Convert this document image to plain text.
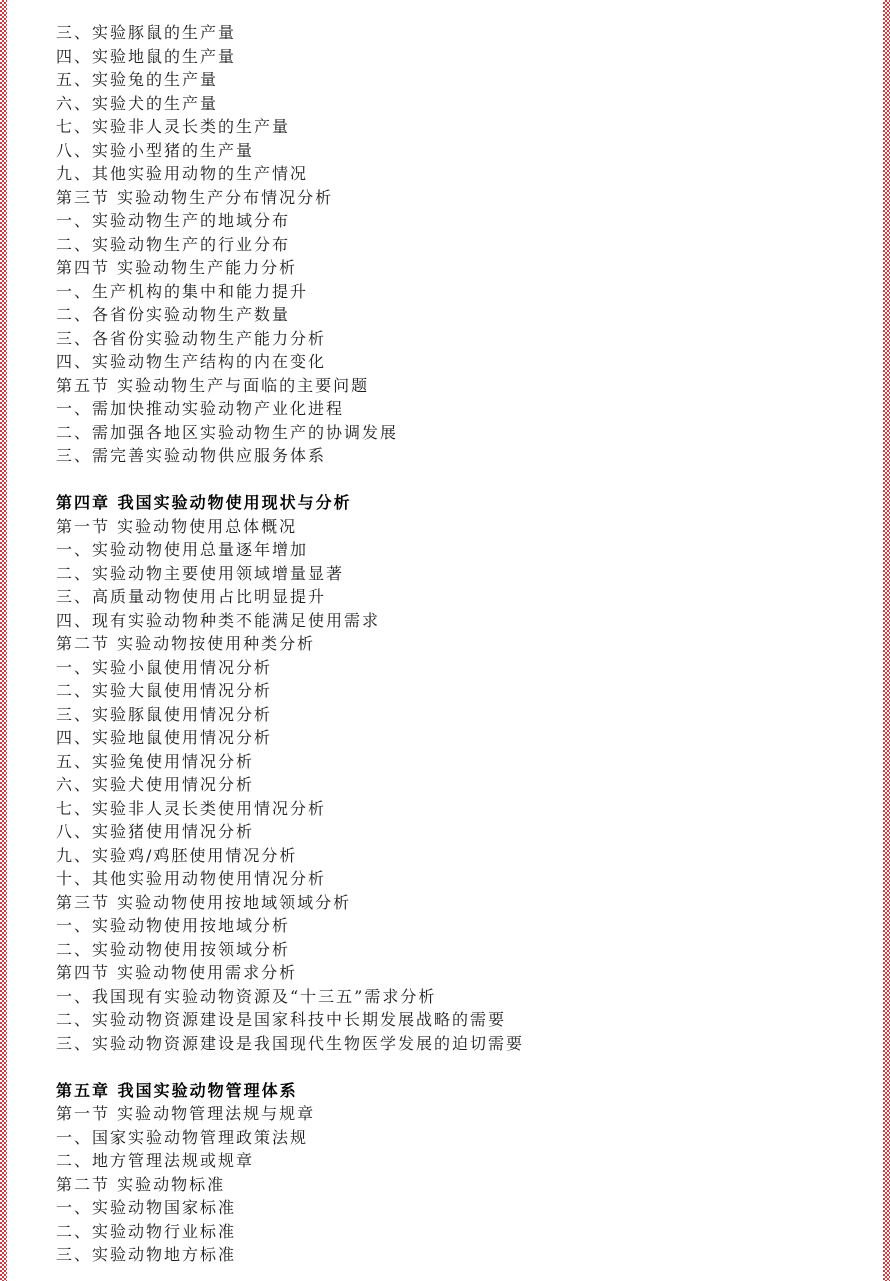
三、实验豚鼠的生产量
四、实验地鼠的生产量
五、实验兔的生产量
六、实验犬的生产量
七、实验非人灵长类的生产量
八、实验小型猪的生产量
九、其他实验用动物的生产情况
第三节 实验动物生产分布情况分析
一、实验动物生产的地域分布
二、实验动物生产的行业分布
第四节 实验动物生产能力分析
一、生产机构的集中和能力提升
二、各省份实验动物生产数量
三、各省份实验动物生产能力分析
四、实验动物生产结构的内在变化
第五节 实验动物生产与面临的主要问题
一、需加快推动实验动物产业化进程
二、需加强各地区实验动物生产的协调发展
三、需完善实验动物供应服务体系
第四章 我国实验动物使用现状与分析
第一节 实验动物使用总体概况
一、实验动物使用总量逐年增加
二、实验动物主要使用领域增量显著
三、高质量动物使用占比明显提升
四、现有实验动物种类不能满足使用需求
第二节 实验动物按使用种类分析
一、实验小鼠使用情况分析
二、实验大鼠使用情况分析
三、实验豚鼠使用情况分析
四、实验地鼠使用情况分析
五、实验兔使用情况分析
六、实验犬使用情况分析
七、实验非人灵长类使用情况分析
八、实验猪使用情况分析
九、实验鸡/鸡胚使用情况分析
十、其他实验用动物使用情况分析
第三节 实验动物使用按地域领域分析
一、实验动物使用按地域分析
二、实验动物使用按领域分析
第四节 实验动物使用需求分析
一、我国现有实验动物资源及“十三五”需求分析
二、实验动物资源建设是国家科技中长期发展战略的需要
三、实验动物资源建设是我国现代生物医学发展的迫切需要
第五章 我国实验动物管理体系
第一节 实验动物管理法规与规章
一、国家实验动物管理政策法规
二、地方管理法规或规章
第二节 实验动物标准
一、实验动物国家标准
二、实验动物行业标准
三、实验动物地方标准
